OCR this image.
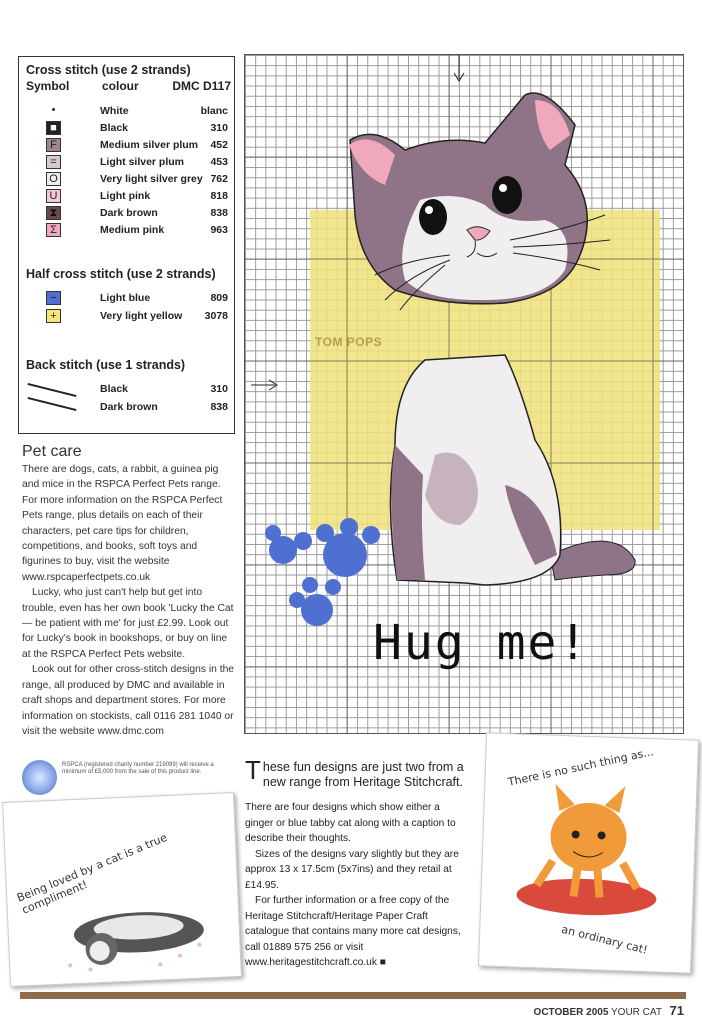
Cross stitch (use 2 strands)
Symbol	colour	DMC D117
•	White	blanc
■	Black	310
F	Medium silver plum 452
=	Light silver plum	453
O	Very light silver grey 762
U	Light pink	818
⧗	Dark brown	838
Σ	Medium pink	963
Half cross stitch (use 2 strands)
−	Light blue	809
+	Very light yellow 3078
Back stitch (use 1 strands)
Black	310
Dark brown	838
Pet care

There are dogs, cats, a rabbit, a guinea pig and mice in the RSPCA Perfect Pets range. For more information on the RSPCA Perfect Pets range, plus details on each of their characters, pet care tips for children, competitions, and books, soft toys and figurines to buy, visit the website www.rspcaperfectpets.co.uk

Lucky, who just can't help but get into trouble, even has her own book 'Lucky the Cat — be patient with me' for just £2.99. Look out for Lucky's book in bookshops, or buy on line at the RSPCA Perfect Pets website.

Look out for other cross-stitch designs in the range, all produced by DMC and available in craft shops and department stores. For more information on stockists, call 0116 281 1040 or visit the website www.dmc.com

RSPCA (registered charity number 219099) will receive a minimum of £5,000 from the sale of this product line.
TOM POPS
Hug me!

These fun designs are just two from a new range from Heritage Stitchcraft.

There are four designs which show either a ginger or blue tabby cat along with a caption to describe their thoughts.

Sizes of the designs vary slightly but they are approx 13 x 17.5cm (5x7ins) and they retail at £14.95.

For further information or a free copy of the Heritage Stitchcraft/Heritage Paper Craft catalogue that contains many more cat designs, call 01889 575 256 or visit www.heritagestitchcraft.co.uk ■

Being loved by a cat is a true compliment!
There is no such thing as...
an ordinary cat!
OCTOBER 2005 YOUR CAT 71
